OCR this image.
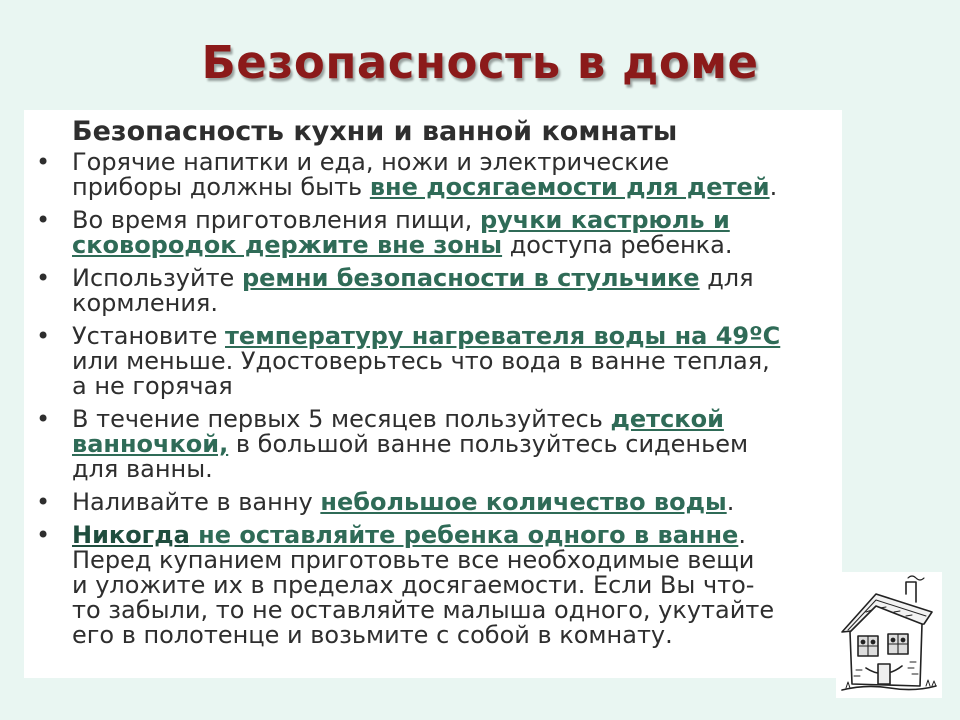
Безопасность в доме
Безопасность кухни и ванной комнаты
• Горячие напитки и еда, ножи и электрические
приборы должны быть вне досягаемости для детей.
• Во время приготовления пищи, ручки кастрюль и
сковородок держите вне зоны доступа ребенка.
• Используйте ремни безопасности в стульчике для
кормления.
• Установите температуру нагревателя воды на 49ºС
или меньше. Удостоверьтесь что вода в ванне теплая,
а не горячая
• В течение первых 5 месяцев пользуйтесь детской
ванночкой, в большой ванне пользуйтесь сиденьем
для ванны.
• Наливайте в ванну небольшое количество воды.
• Никогда не оставляйте ребенка одного в ванне.
Перед купанием приготовьте все необходимые вещи
и уложите их в пределах досягаемости. Если Вы что-
то забыли, то не оставляйте малыша одного, укутайте
его в полотенце и возьмите с собой в комнату.
